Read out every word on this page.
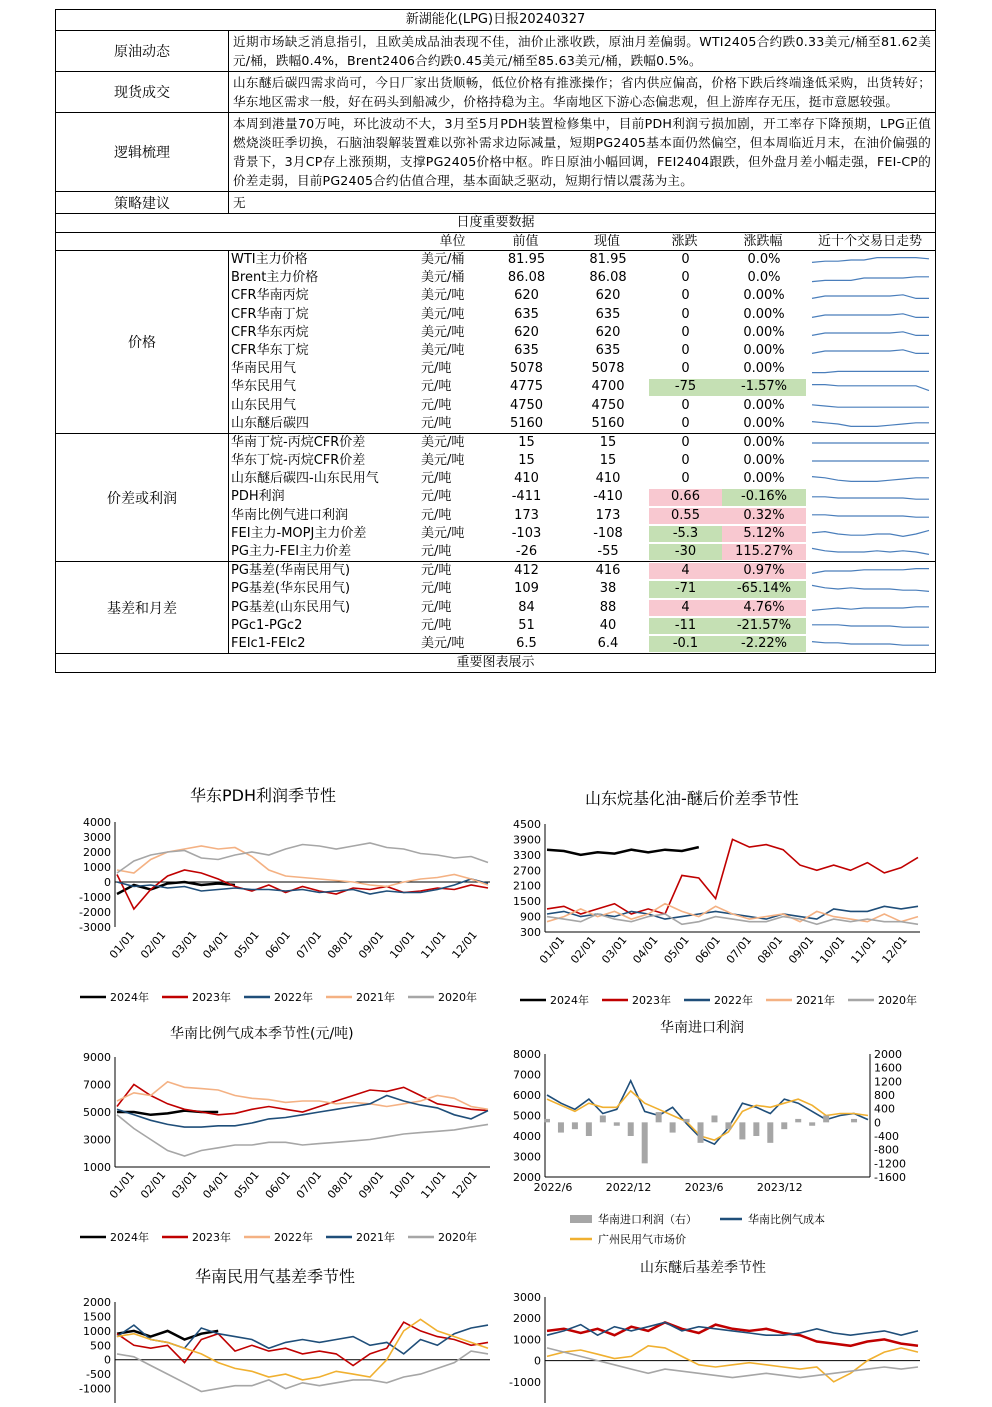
新湖能化(LPG)日报20240327
原油动态
近期市场缺乏消息指引，且欧美成品油表现不佳，油价止涨收跌，原油月差偏弱。WTI2405合约跌0.33美元/桶至81.62美元/桶，跌幅0.4%，Brent2406合约跌0.45美元/桶至85.63美元/桶，跌幅0.5%。
现货成交
山东醚后碳四需求尚可，今日厂家出货顺畅，低位价格有推涨操作；省内供应偏高，价格下跌后终端逢低采购，出货转好；华东地区需求一般，好在码头到船减少，价格持稳为主。华南地区下游心态偏悲观，但上游库存无压，挺市意愿较强。
逻辑梳理
本周到港量70万吨，环比波动不大，3月至5月PDH装置检修集中，目前PDH利润亏损加剧，开工率存下降预期，LPG正值燃烧淡旺季切换，石脑油裂解装置难以弥补需求边际减量，短期PG2405基本面仍然偏空，但本周临近月末，在油价偏强的背景下，3月CP存上涨预期，支撑PG2405价格中枢。昨日原油小幅回调，FEI2404跟跌，但外盘月差小幅走强，FEI-CP的价差走弱，目前PG2405合约估值合理，基本面缺乏驱动，短期行情以震荡为主。
策略建议	无
日度重要数据
单位	前值	现值	涨跌	涨跌幅	近十个交易日走势
价格
WTI主力价格	美元/桶	81.95	81.95	0	0.0%
Brent主力价格	美元/桶	86.08	86.08	0	0.0%
CFR华南丙烷	美元/吨	620	620	0	0.00%
CFR华南丁烷	美元/吨	635	635	0	0.00%
CFR华东丙烷	美元/吨	620	620	0	0.00%
CFR华东丁烷	美元/吨	635	635	0	0.00%
华南民用气	元/吨	5078	5078	0	0.00%
华东民用气	元/吨	4775	4700	-75	-1.57%
山东民用气	元/吨	4750	4750	0	0.00%
山东醚后碳四	元/吨	5160	5160	0	0.00%
价差或利润
华南丁烷-丙烷CFR价差	美元/吨	15	15	0	0.00%
华东丁烷-丙烷CFR价差	美元/吨	15	15	0	0.00%
山东醚后碳四-山东民用气	元/吨	410	410	0	0.00%
PDH利润	元/吨	-411	-410	0.66	-0.16%
华南比例气进口利润	元/吨	173	173	0.55	0.32%
FEI主力-MOPJ主力价差	美元/吨	-103	-108	-5.3	5.12%
PG主力-FEI主力价差	元/吨	-26	-55	-30	115.27%
基差和月差
PG基差(华南民用气)	元/吨	412	416	4	0.97%
PG基差(华东民用气)	元/吨	109	38	-71	-65.14%
PG基差(山东民用气)	元/吨	84	88	4	4.76%
PGc1-PGc2	元/吨	51	40	-11	-21.57%
FEIc1-FEIc2	美元/吨	6.5	6.4	-0.1	-2.22%
重要图表展示
4000
3000
2000
1000
0
-1000
-2000
-3000
01/01 02/01 03/01 04/01 05/01 06/01 07/01 08/01 09/01 10/01 11/01 12/01
2024年	2023年	2022年	2021年	2020年
华东PDH利润季节性
4500
3900
3300
2700
2100
1500
900
300
01/01 02/01 03/01 04/01 05/01 06/01 07/01 08/01 09/01 10/01 11/01 12/01
2024年	2023年	2022年	2021年	2020年
山东烷基化油-醚后价差季节性
9000
7000
5000
3000
1000
01/01 02/01 03/01 04/01 05/01 06/01 07/01 08/01 09/01 10/01 11/01 12/01
2024年	2023年	2022年	2021年	2020年
华南比例气成本季节性(元/吨)
8000
7000
6000
5000
4000
3000
2000
2000
1600
1200
800
400
0
-400
-800
-1200
-1600
2022/6	2022/12	2023/6	2023/12
华南进口利润（右）	华南比例气成本
广州民用气市场价
华南进口利润
2000
1500
1000
500
0
-500
-1000
华南民用气基差季节性
3000
2000
1000
0
-1000
山东醚后基差季节性
